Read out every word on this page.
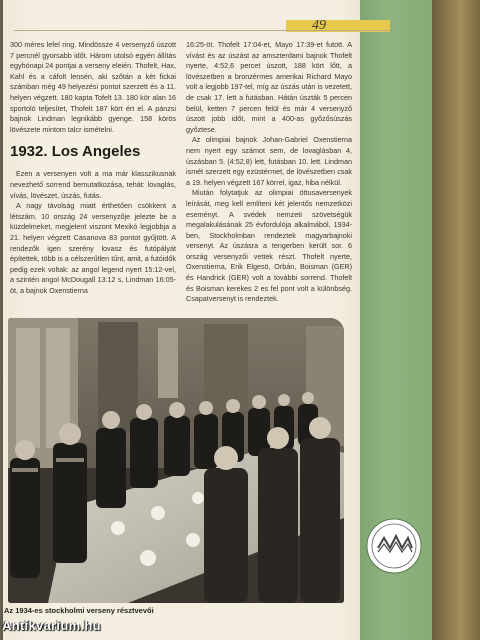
49

300 méres lefel ring. Mindössze 4 versenyző úszott 7 percnél gyorsabb időt. Három utolsó egyén állítás egyhónapi 24 pontjai a verseny eleién. Thofelt, Hax, Kahl és a cáfolt lensén, aki szőtán a két fickai számban még 49 helyezési pontot szerzett és a 11. helyen végzett. 180 kapta Tofelt 13. 180 kör alan 16 sportoló teljesítet, Thofelt 187 kört ért el. A pánzsi bajnok Lindman legnikább gyenge. 158 körös lövészete mintom talcr ismételni.

1932. Los Angeles

Ezen a versenyen volt a ma már klasszikusnak nevezhető sorrend bemutatkozása, tehát: lovaglás, vívás, lövészet, úszás, futás.

A nagy távolság miatt érthetően csökkent a létszám. 10 ország 24 versenyzője jelezte be a küzdelmeket, megjelent viszont Mexikó legjobbja a 21. helyen végzett Casanova 83 pontot gyűjtött. A rendezők igen szerény lovasz és futópályát építettek, több is a célszerűtlen tűnt, amit, a futóidők pedig ezek voltak: az angol legend nyert 15:12-vel, a szintén angol McDougall 13:12 s, Lindman 16:05-öt, a bajnok Oxenstierna

16:25-öt. Thofelt 17:04-et, Mayo 17:39-et futott. A vívást és az úszást az amszterdami bajnok Thofelt nyerte, 4:52,6 percet úszott, 188 kört lőtt, a lövészetben a bronzérmes amerikai Richard Mayo volt a legjobb 197-tel, míg az úszás után is vezetett, de csak 17. lett a futásban. Hátán úszták 5 percen belül, ketten 7 percen felül és már 4 versenyző úszott jobb időt, mint a 400-as győzősúszás győztese.

Az olimpiai bajnok Johan-Gabriel Oxenstierna nem nyert egy számot sem, de lovaglásban 4, úszásban 5. (4:52,8) lett, futásban 10. lett. Lindman ismét szerzett egy ezüstérmet, de lövészetben csak a 19. helyen végzett 167 körrel, igaz, hiba nélkül.

Miután folytatjuk az olimpiai öttusaversenyek leírását, meg kell említeni két jelentős nemzetközi eseményt. A svédek nemzeti szövetségük megalakulásának 25 évfordulója alkalmából, 1934-ben, Stockholmban rendeztek magyarbajnoki versenyt. Az úszásra a tengerben került sor. 6 ország versenyzői vettek részt. Thofelt nyerte, Oxenstierna, Erik Elgesö, Orbán, Boisman (GER) és Handrick (GER) volt a további sorrend. Thofelt és Boisman kerekes 2 es fel pont volt a különbség. Csapatversenyt is rendeztek.

Az 1934-es stockholmi verseny résztvevői
Antikvarium.hu
